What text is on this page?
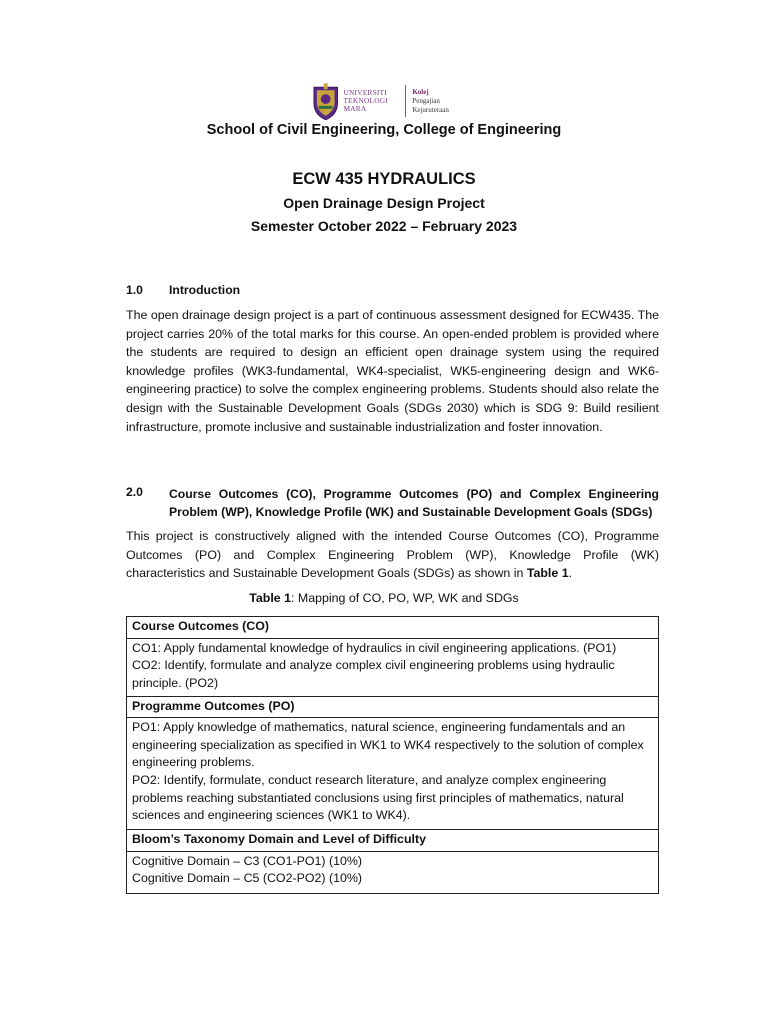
UNIVERSITI
TEKNOLOGI
MARA
Kolej
Pengajian Kejuruteraan
School of Civil Engineering, College of Engineering
ECW 435 HYDRAULICS
Open Drainage Design Project
Semester October 2022 – February 2023
1.0 Introduction
The open drainage design project is a part of continuous assessment designed for ECW435. The project carries 20% of the total marks for this course. An open-ended problem is provided where the students are required to design an efficient open drainage system using the required knowledge profiles (WK3-fundamental, WK4-specialist, WK5-engineering design and WK6- engineering practice) to solve the complex engineering problems. Students should also relate the design with the Sustainable Development Goals (SDGs 2030) which is SDG 9: Build resilient infrastructure, promote inclusive and sustainable industrialization and foster innovation.
2.0 Course Outcomes (CO), Programme Outcomes (PO) and Complex Engineering Problem (WP), Knowledge Profile (WK) and Sustainable Development Goals (SDGs)
This project is constructively aligned with the intended Course Outcomes (CO), Programme Outcomes (PO) and Complex Engineering Problem (WP), Knowledge Profile (WK) characteristics and Sustainable Development Goals (SDGs) as shown in Table 1.
Table 1: Mapping of CO, PO, WP, WK and SDGs
Course Outcomes (CO)

CO1: Apply fundamental knowledge of hydraulics in civil engineering applications. (PO1)
CO2: Identify, formulate and analyze complex civil engineering problems using hydraulic principle. (PO2)

Programme Outcomes (PO)

PO1: Apply knowledge of mathematics, natural science, engineering fundamentals and an engineering specialization as specified in WK1 to WK4 respectively to the solution of complex engineering problems.
PO2: Identify, formulate, conduct research literature, and analyze complex engineering problems reaching substantiated conclusions using first principles of mathematics, natural sciences and engineering sciences (WK1 to WK4).

Bloom’s Taxonomy Domain and Level of Difficulty

Cognitive Domain – C3 (CO1-PO1) (10%)
Cognitive Domain – C5 (CO2-PO2) (10%)
